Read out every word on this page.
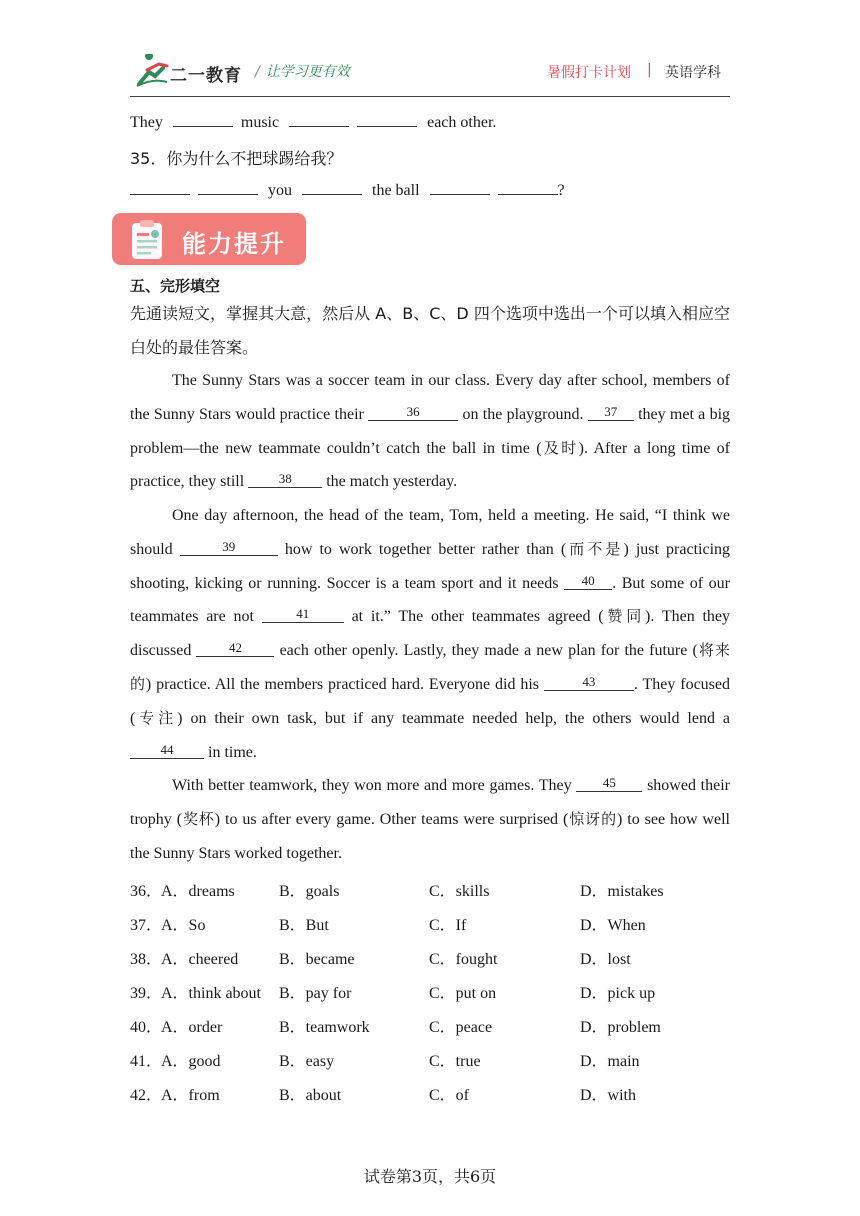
二一教育 / 让学习更有效	暑假打卡计划 | 英语学科
They	music	each other.
35．你为什么不把球踢给我？
you	the ball	?
能力提升
五、完形填空
先通读短文，掌握其大意，然后从 A、B、C、D 四个选项中选出一个可以填入相应空白处的最佳答案。
The Sunny Stars was a soccer team in our class. Every day after school, members of the Sunny Stars would practice their	36	on the playground. 37 they met a big problem—the new teammate couldn’t catch the ball in time (及时). After a long time of practice, they still	38 the match yesterday.
One day afternoon, the head of the team, Tom, held a meeting. He said, “I think we should	39	how to work together better rather than (而不是) just practicing shooting, kicking or running. Soccer is a team sport and it needs 40 . But some of our teammates are not	41	at it.” The other teammates agreed (赞同). Then they discussed	42 each other openly. Lastly, they made a new plan for the future (将来的) practice. All the members practiced hard. Everyone did his	43 . They focused (专注) on their own task, but if any teammate needed help, the others would lend a 44 in time.
With better teamwork, they won more and more games. They 45 showed their trophy (奖杯) to us after every game. Other teams were surprised (惊讶的) to see how well the Sunny Stars worked together.
36．
A．dreams	B．goals	C．skills	D．mistakes
37．
A．So	B．But	C．If	D．When
38．
A．cheered	B．became	C．fought	D．lost
39．
A．think about B．pay for	C．put on	D．pick up
40．
A．order	B．teamwork	C．peace	D．problem
41．
A．good	B．easy	C．true	D．main
42．
A．from	B．about	C．of	D．with
试卷第3页，共6页
